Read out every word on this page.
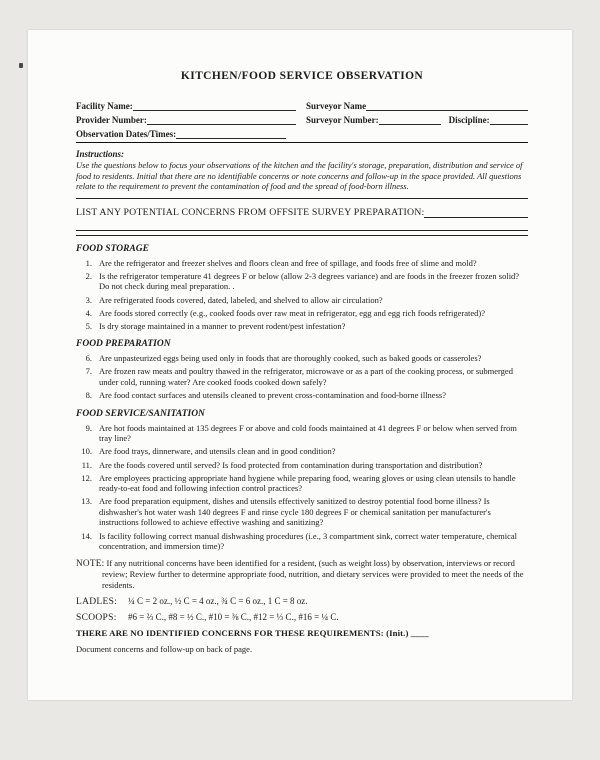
KITCHEN/FOOD SERVICE OBSERVATION
Facility Name:	Surveyor Name
Provider Number:	Surveyor Number:	Discipline:
Observation Dates/Times:
Instructions:
Use the questions below to focus your observations of the kitchen and the facility's storage, preparation, distribution and service of food to residents. Initial that there are no identifiable concerns or note concerns and follow-up in the space provided. All questions relate to the requirement to prevent the contamination of food and the spread of food-born illness.
LIST ANY POTENTIAL CONCERNS FROM OFFSITE SURVEY PREPARATION:
FOOD STORAGE
1. Are the refrigerator and freezer shelves and floors clean and free of spillage, and foods free of slime and mold?
2. Is the refrigerator temperature 41 degrees F or below (allow 2-3 degrees variance) and are foods in the freezer frozen solid? Do not check during meal preparation. .
3. Are refrigerated foods covered, dated, labeled, and shelved to allow air circulation?
4. Are foods stored correctly (e.g., cooked foods over raw meat in refrigerator, egg and egg rich foods refrigerated)?
5. Is dry storage maintained in a manner to prevent rodent/pest infestation?
FOOD PREPARATION
6. Are unpasteurized eggs being used only in foods that are thoroughly cooked, such as baked goods or casseroles?
7. Are frozen raw meats and poultry thawed in the refrigerator, microwave or as a part of the cooking process, or submerged under cold, running water? Are cooked foods cooked down safely?
8. Are food contact surfaces and utensils cleaned to prevent cross-contamination and food-borne illness?
FOOD SERVICE/SANITATION
9. Are hot foods maintained at 135 degrees F or above and cold foods maintained at 41 degrees F or below when served from tray line?
10. Are food trays, dinnerware, and utensils clean and in good condition?
11. Are the foods covered until served? Is food protected from contamination during transportation and distribution?
12. Are employees practicing appropriate hand hygiene while preparing food, wearing gloves or using clean utensils to handle ready-to-eat food and following infection control practices?
13. Are food preparation equipment, dishes and utensils effectively sanitized to destroy potential food borne illness? Is dishwasher's hot water wash 140 degrees F and rinse cycle 180 degrees F or chemical sanitation per manufacturer's instructions followed to achieve effective washing and sanitizing?
14. Is facility following correct manual dishwashing procedures (i.e., 3 compartment sink, correct water temperature, chemical concentration, and immersion time)?
NOTE: If any nutritional concerns have been identified for a resident, (such as weight loss) by observation, interviews or record review; Review further to determine appropriate food, nutrition, and dietary services were provided to meet the needs of the residents.
LADLES:	¼ C = 2 oz., ½ C = 4 oz., ¾ C = 6 oz., 1 C = 8 oz.
SCOOPS:	#6 = ⅔ C., #8 = ½ C., #10 = ⅜ C., #12 = ⅓ C., #16 = ¼ C.
THERE ARE NO IDENTIFIED CONCERNS FOR THESE REQUIREMENTS: (Init.) ____
Document concerns and follow-up on back of page.
